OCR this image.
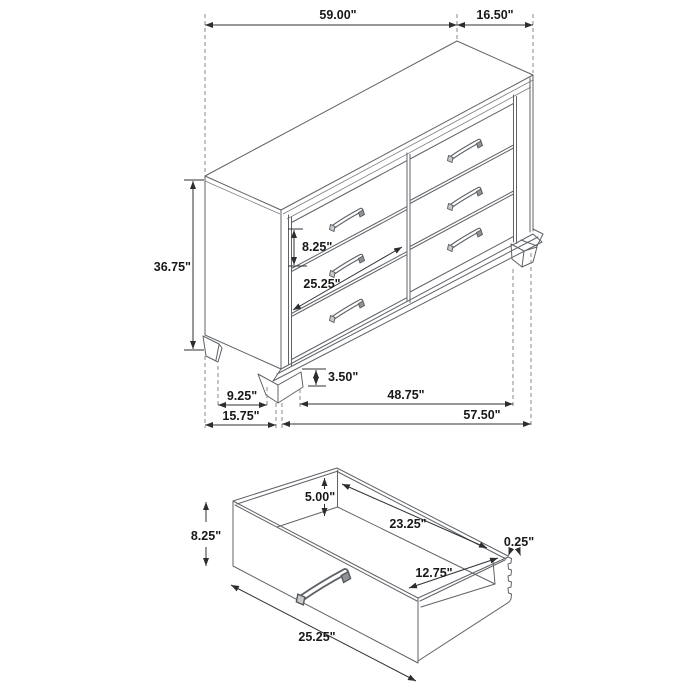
59.00"	16.50"
36.75"
8.25"
25.25"
3.50"
9.25"
15.75"
48.75"
57.50"
8.25"
5.00"
23.25"
0.25"
12.75"
25.25"
